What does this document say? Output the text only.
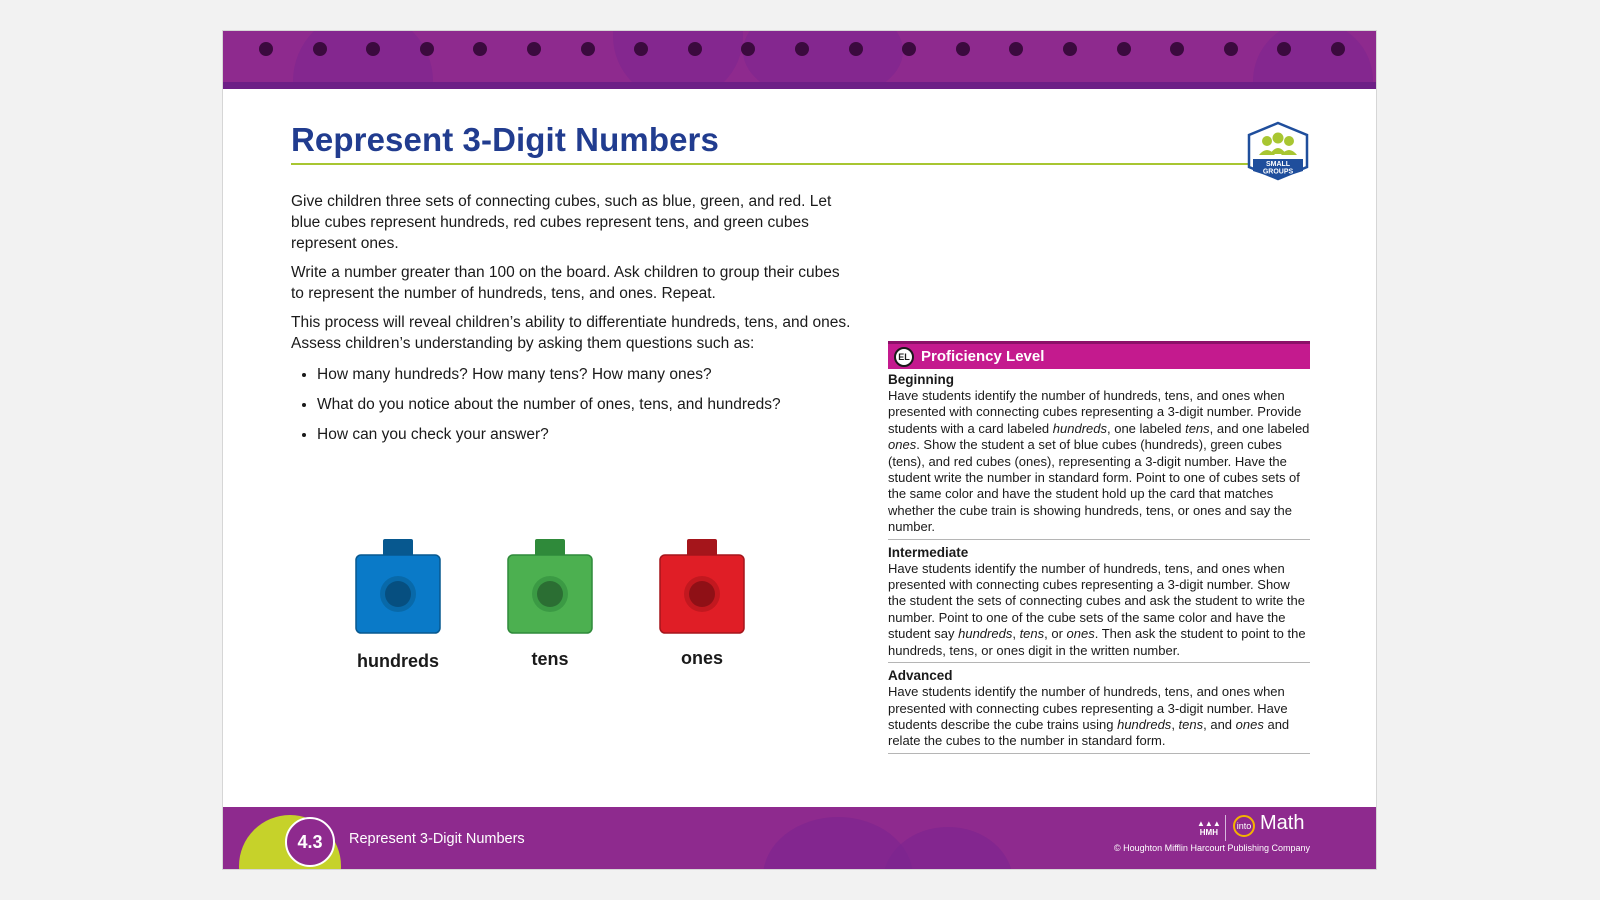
Represent 3-Digit Numbers
SMALL
GROUPS

Give children three sets of connecting cubes, such as blue, green, and red. Let blue cubes represent hundreds, red cubes represent tens, and green cubes represent ones.

Write a number greater than 100 on the board. Ask children to group their cubes to represent the number of hundreds, tens, and ones. Repeat.

This process will reveal children’s ability to differentiate hundreds, tens, and ones. Assess children’s understanding by asking them questions such as:

• How many hundreds? How many tens? How many ones?
• What do you notice about the number of ones, tens, and hundreds?
• How can you check your answer?
hundreds	tens	ones
EL Proficiency Level
Beginning

Have students identify the number of hundreds, tens, and ones when presented with connecting cubes representing a 3-digit number. Provide students with a card labeled hundreds, one labeled tens, and one labeled ones. Show the student a set of blue cubes (hundreds), green cubes (tens), and red cubes (ones), representing a 3-digit number. Have the student write the number in standard form. Point to one of cubes sets of the same color and have the student hold up the card that matches whether the cube train is showing hundreds, tens, or ones and say the number.

Intermediate

Have students identify the number of hundreds, tens, and ones when presented with connecting cubes representing a 3-digit number. Show the student the sets of connecting cubes and ask the student to write the number. Point to one of the cube sets of the same color and have the student say hundreds, tens, or ones. Then ask the student to point to the hundreds, tens, or ones digit in the written number.

Advanced

Have students identify the number of hundreds, tens, and ones when presented with connecting cubes representing a 3-digit number. Have students describe the cube trains using hundreds, tens, and ones and relate the cubes to the number in standard form.

4.3	Represent 3-Digit Numbers
▲▲▲
HMH
into Math
© Houghton Mifflin Harcourt Publishing Company
